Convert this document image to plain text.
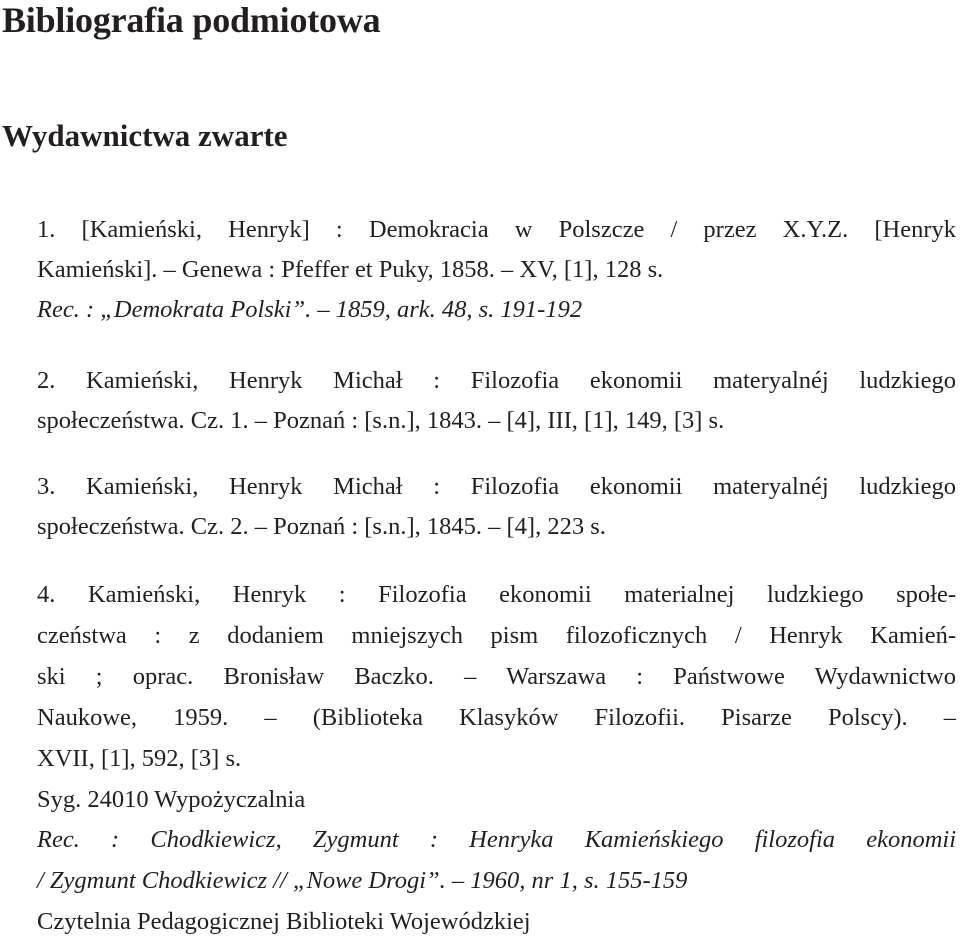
Bibliografia podmiotowa
Wydawnictwa zwarte
1. [Kamieński, Henryk] : Demokracia w Polszcze / przez X.Y.Z. [Henryk
Kamieński]. – Genewa : Pfeffer et Puky, 1858. – XV, [1], 128 s.
Rec. : „Demokrata Polski”. – 1859, ark. 48, s. 191-192
2. Kamieński, Henryk Michał : Filozofia ekonomii materyalnéj ludzkiego
społeczeństwa. Cz. 1. – Poznań : [s.n.], 1843. – [4], III, [1], 149, [3] s.
3. Kamieński, Henryk Michał : Filozofia ekonomii materyalnéj ludzkiego
społeczeństwa. Cz. 2. – Poznań : [s.n.], 1845. – [4], 223 s.
4. Kamieński, Henryk : Filozofia ekonomii materialnej ludzkiego społe-
czeństwa : z dodaniem mniejszych pism filozoficznych / Henryk Kamień-
ski ; oprac. Bronisław Baczko. – Warszawa : Państwowe Wydawnictwo
Naukowe, 1959. – (Biblioteka Klasyków Filozofii. Pisarze Polscy). –
XVII, [1], 592, [3] s.
Syg. 24010 Wypożyczalnia
Rec. : Chodkiewicz, Zygmunt : Henryka Kamieńskiego filozofia ekonomii
/ Zygmunt Chodkiewicz // „Nowe Drogi”. – 1960, nr 1, s. 155-159
Czytelnia Pedagogicznej Biblioteki Wojewódzkiej
